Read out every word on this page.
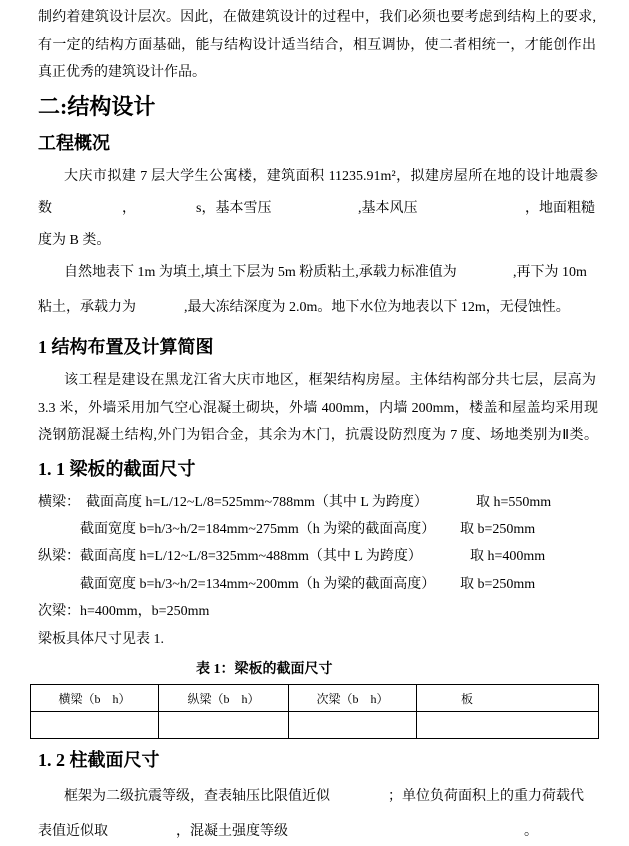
制约着建筑设计层次。因此，在做建筑设计的过程中，我们必须也要考虑到结构上的要求,
有一定的结构方面基础，能与结构设计适当结合，相互调协，使二者相统一，才能创作出
真正优秀的建筑设计作品。
二:结构设计
工程概况
大庆市拟建 7 层大学生公寓楼，建筑面积 11235.91m²，拟建房屋所在地的设计地震参
数	，	s，基本雪压	,基本风压	，地面粗糙
度为 B 类。
自然地表下 1m 为填土,填土下层为 5m 粉质粘土,承载力标准值为	,再下为 10m
粘土，承载力为	,最大冻结深度为 2.0m。地下水位为地表以下 12m，无侵蚀性。
1 结构布置及计算简图
该工程是建设在黑龙江省大庆市地区，框架结构房屋。主体结构部分共七层，层高为
3.3 米，外墙采用加气空心混凝土砌块，外墙 400mm，内墙 200mm，楼盖和屋盖均采用现
浇钢筋混凝土结构,外门为铝合金，其余为木门，抗震设防烈度为 7 度、场地类别为Ⅱ类。
1. 1 梁板的截面尺寸
横梁： 截面高度 h=L/12~L/8=525mm~788mm（其中 L 为跨度）	取 h=550mm
截面宽度 b=h/3~h/2=184mm~275mm（h 为梁的截面高度） 取 b=250mm
纵梁： 截面高度 h=L/12~L/8=325mm~488mm（其中 L 为跨度）	取 h=400mm
截面宽度 b=h/3~h/2=134mm~200mm（h 为梁的截面高度） 取 b=250mm
次梁：h=400mm，b=250mm
梁板具体尺寸见表 1.
表 1：梁板的截面尺寸
横梁（b　h）	纵梁（b　h）	次梁（b　h）	板

1. 2 柱截面尺寸
框架为二级抗震等级，查表轴压比限值近似	；单位负荷面积上的重力荷载代
表值近似取	，混凝土强度等级	。
